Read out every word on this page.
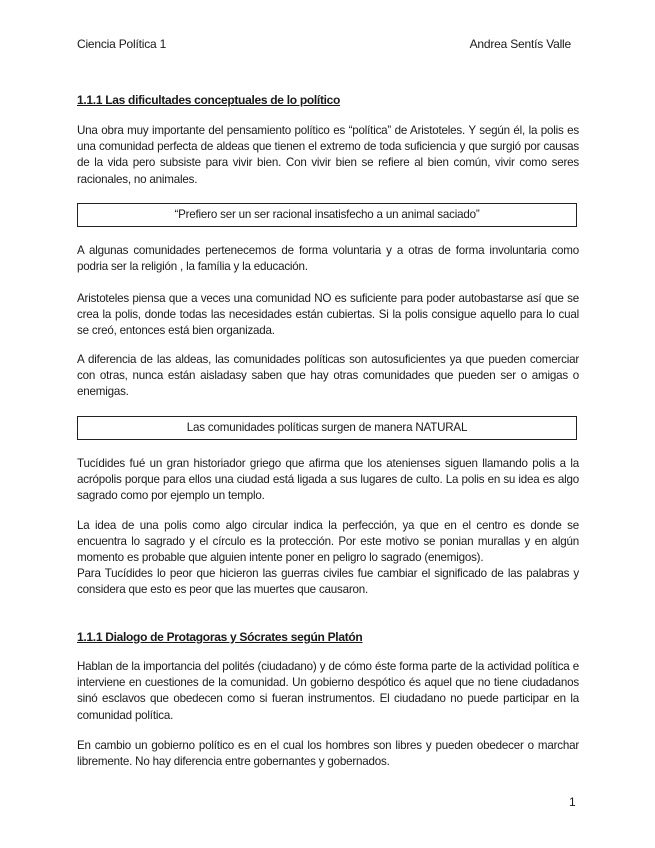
Ciencia Política 1	Andrea Sentís Valle
1.1.1 Las dificultades conceptuales de lo político

Una obra muy importante del pensamiento político es “política” de Aristoteles. Y según él, la polis es una comunidad perfecta de aldeas que tienen el extremo de toda suficiencia y que surgió por causas de la vida pero subsiste para vivir bien. Con vivir bien se refiere al bien común, vivir como seres racionales, no animales.

“Prefiero ser un ser racional insatisfecho a un animal saciado”

A algunas comunidades pertenecemos de forma voluntaria y a otras de forma involuntaria como podria ser la religión , la família y la educación.

Aristoteles piensa que a veces una comunidad NO es suficiente para poder autobastarse así que se crea la polis, donde todas las necesidades están cubiertas. Si la polis consigue aquello para lo cual se creó, entonces está bien organizada.

A diferencia de las aldeas, las comunidades políticas son autosuficientes ya que pueden comerciar con otras, nunca están aisladasy saben que hay otras comunidades que pueden ser o amigas o enemigas.

Las comunidades políticas surgen de manera NATURAL

Tucídides fué un gran historiador griego que afirma que los atenienses siguen llamando polis a la acrópolis porque para ellos una ciudad está ligada a sus lugares de culto. La polis en su idea es algo sagrado como por ejemplo un templo.

La idea de una polis como algo circular indica la perfección, ya que en el centro es donde se encuentra lo sagrado y el círculo es la protección. Por este motivo se ponian murallas y en algún momento es probable que alguien intente poner en peligro lo sagrado (enemigos).

Para Tucídides lo peor que hicieron las guerras civiles fue cambiar el significado de las palabras y considera que esto es peor que las muertes que causaron.

1.1.1 Dialogo de Protagoras y Sócrates según Platón

Hablan de la importancia del polités (ciudadano) y de cómo éste forma parte de la actividad política e interviene en cuestiones de la comunidad. Un gobierno despótico és aquel que no tiene ciudadanos sinó esclavos que obedecen como si fueran instrumentos. El ciudadano no puede participar en la comunidad política.

En cambio un gobierno político es en el cual los hombres son libres y pueden obedecer o marchar libremente. No hay diferencia entre gobernantes y gobernados.

1
